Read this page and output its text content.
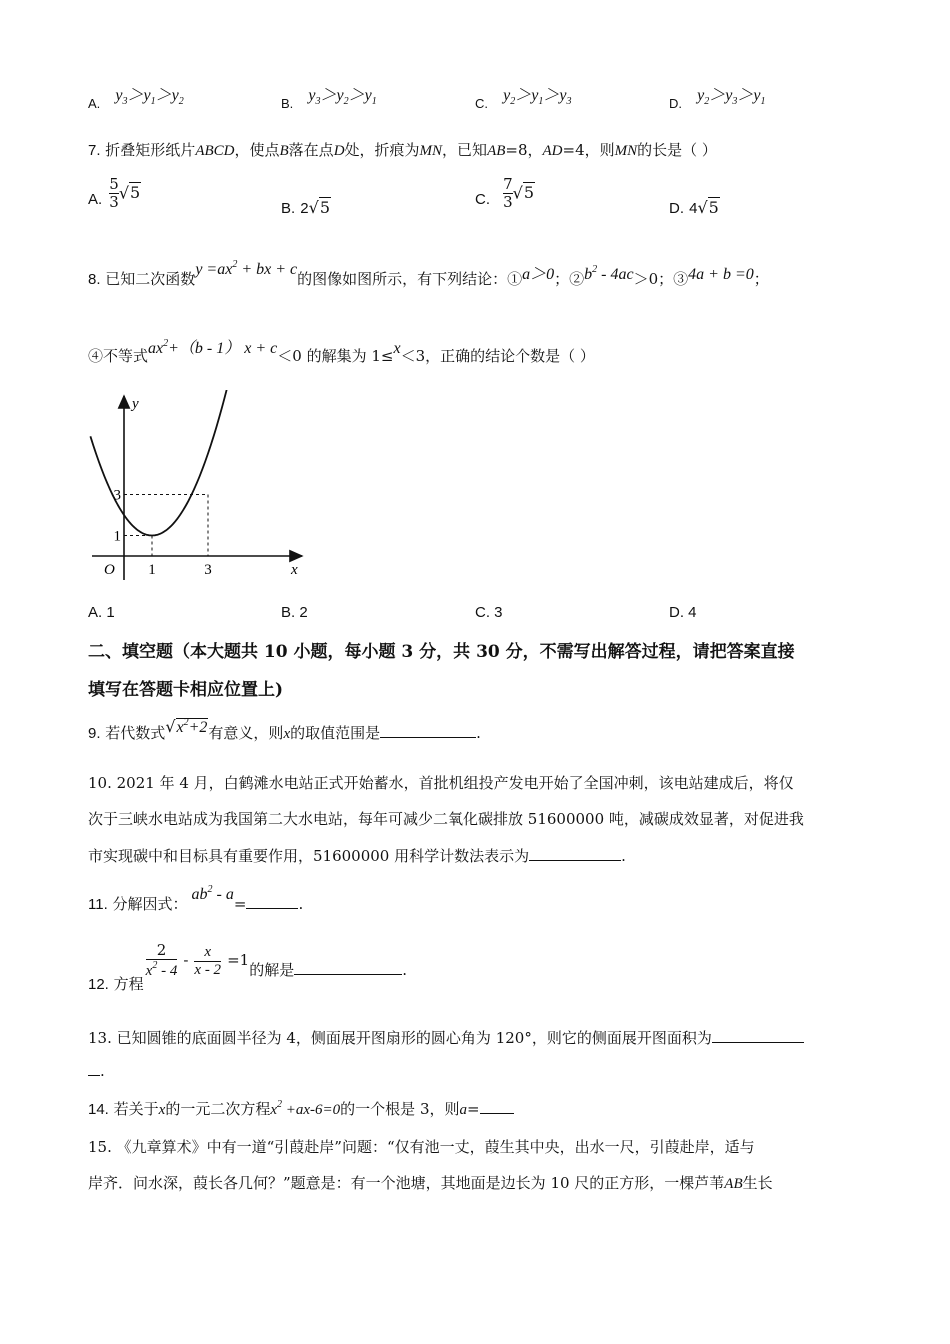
$_{A.}$ $y_3>y_1>y_2$	$_{B.}$ $y_3>y_2>y_1$	$_{C.}$ $y_2>y_1>y_3$	$_{D.}$ $y_2>y_3>y_1$
7. 折叠矩形纸片ABCD，使点B落在点D处，折痕为MN，已知AB=8，AD=4，则MN的长是（ ）
A. $\frac{5}{3} √5$
B. 2√5	C. $\frac{7}{3} √5$
D. 4√5
8. 已知二次函数$y =ax^2$ + bx + c的图像如图所示，有下列结论：①a＞0；$②b^2 - 4ac>0$；③4a + b =0；
④不等式$ax^2+(b - 1) x + c<0$ 的解集为 1≤x＜3，正确的结论个数是（ ）
y
x
O 1	3
1
3
A. 1	B. 2	C. 3	D. 4
二、填空题（本大题共 10 小题，每小题 3 分，共 30 分，不需写出解答过程，请把答案直接
填写在答题卡相应位置上)
9. 若代数式$√x^2+2$有意义，则x的取值范围是	.
10. 2021 年 4 月，白鹤滩水电站正式开始蓄水，首批机组投产发电开始了全国冲刺，该电站建成后，将仅
次于三峡水电站成为我国第二大水电站，每年可减少二氧化碳排放 51600000 吨，减碳成效显著，对促进我
市实现碳中和目标具有重要作用，51600000 用科学计数法表示为	.
11. 分解因式：$ab^2 - a=$	.
12. 方程
$\frac{2}{x^2 - 4} - \frac{x}{x - 2} =1$的解是	.
13. 已知圆锥的底面圆半径为 4，侧面展开图扇形的圆心角为 120°，则它的侧面展开图面积为
.
14. 若关于x的一元二次方程$x^2 +ax-6=0$的一个根是 3，则a=
15. 《九章算术》中有一道“引葭赴岸”问题：“仅有池一丈，葭生其中央，出水一尺，引葭赴岸，适与
岸齐．问水深，葭长各几何？”题意是：有一个池塘，其地面是边长为 10 尺的正方形，一棵芦苇AB生长
